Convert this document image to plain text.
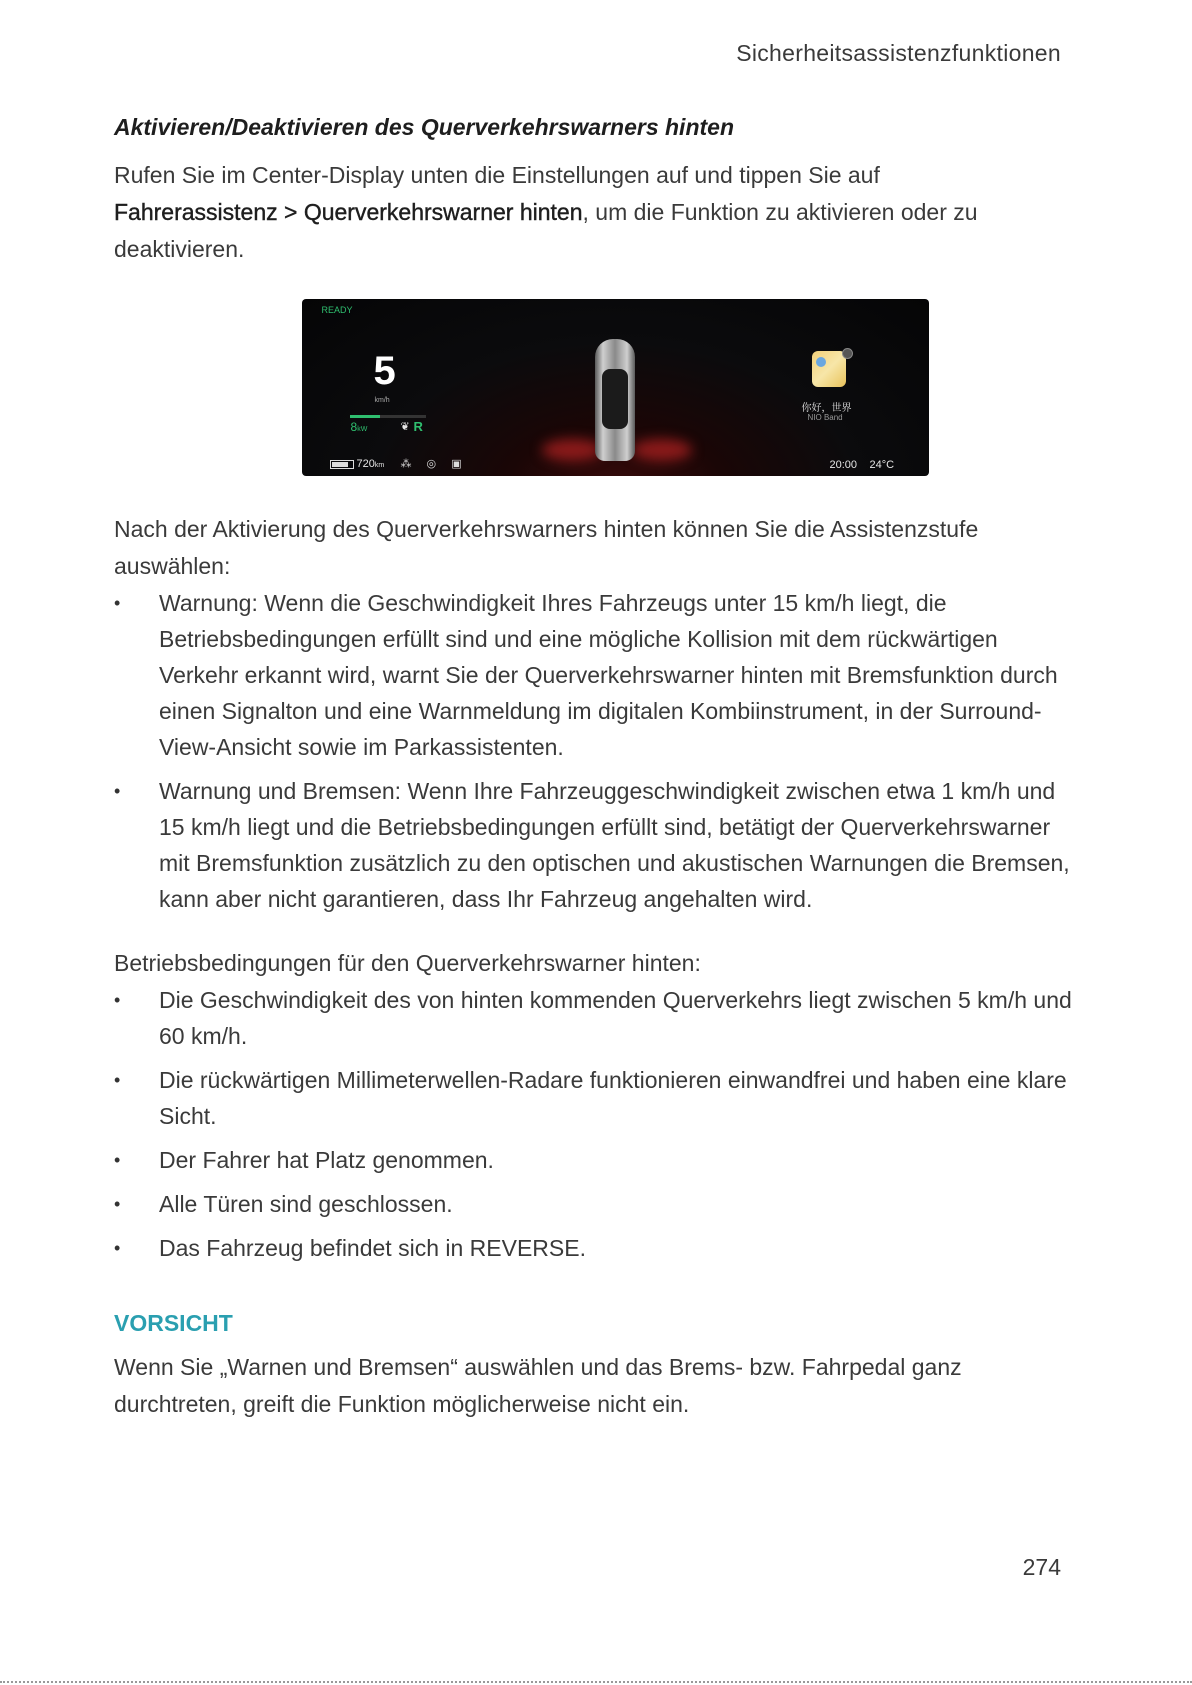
Sicherheitsassistenzfunktionen
Aktivieren/Deaktivieren des Querverkehrswarners hinten

Rufen Sie im Center-Display unten die Einstellungen auf und tippen Sie auf
Fahrerassistenz > Querverkehrswarner hinten, um die Funktion zu aktivieren oder zu deaktivieren.

READY
5
km/h
8kW	❦ R
720km ⁂ ◎ ▣
你好，世界
NIO Band
20:00 24°C

Nach der Aktivierung des Querverkehrswarners hinten können Sie die Assistenzstufe auswählen:

• Warnung: Wenn die Geschwindigkeit Ihres Fahrzeugs unter 15 km/h liegt, die Betriebsbedingungen erfüllt sind und eine mögliche Kollision mit dem rückwärtigen Verkehr erkannt wird, warnt Sie der Querverkehrswarner hinten mit Bremsfunktion durch einen Signalton und eine Warnmeldung im digitalen Kombiinstrument, in der Surround-View-Ansicht sowie im Parkassistenten.
• Warnung und Bremsen: Wenn Ihre Fahrzeuggeschwindigkeit zwischen etwa 1 km/h und 15 km/h liegt und die Betriebsbedingungen erfüllt sind, betätigt der Querverkehrswarner mit Bremsfunktion zusätzlich zu den optischen und akustischen Warnungen die Bremsen, kann aber nicht garantieren, dass Ihr Fahrzeug angehalten wird.

Betriebsbedingungen für den Querverkehrswarner hinten:

• Die Geschwindigkeit des von hinten kommenden Querverkehrs liegt zwischen 5 km/h und 60 km/h.
• Die rückwärtigen Millimeterwellen-Radare funktionieren einwandfrei und haben eine klare Sicht.
• Der Fahrer hat Platz genommen.
• Alle Türen sind geschlossen.
• Das Fahrzeug befindet sich in REVERSE.
VORSICHT

Wenn Sie „Warnen und Bremsen“ auswählen und das Brems- bzw. Fahrpedal ganz durchtreten, greift die Funktion möglicherweise nicht ein.

274
